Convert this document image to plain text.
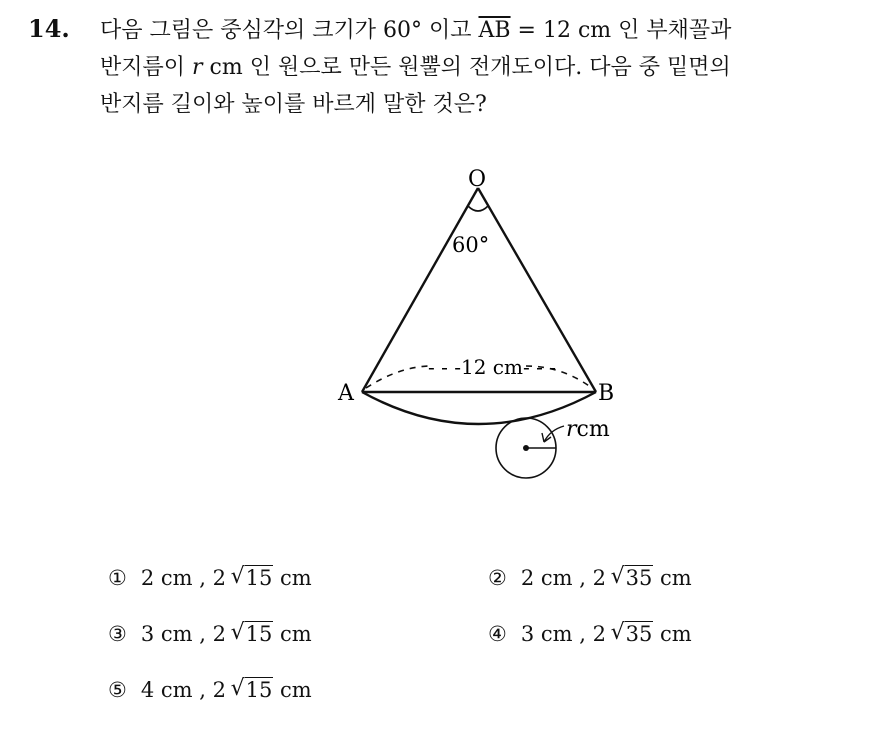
14. 다음 그림은 중심각의 크기가 60° 이고 $\overline{AB} = 12$ cm 인 부채꼴과
반지름이 r cm 인 원으로 만든 원뿔의 전개도이다. 다음 중 밑면의
반지름 길이와 높이를 바르게 말한 것은?
O
A	B
60°
- - -12 cm- - -
rcm
① 2 cm , 2 √ 15 cm	② 2 cm , 2 √ 35 cm
③ 3 cm , 2 √ 15 cm	④ 3 cm , 2 √ 35 cm
⑤ 4 cm , 2 √ 15 cm
